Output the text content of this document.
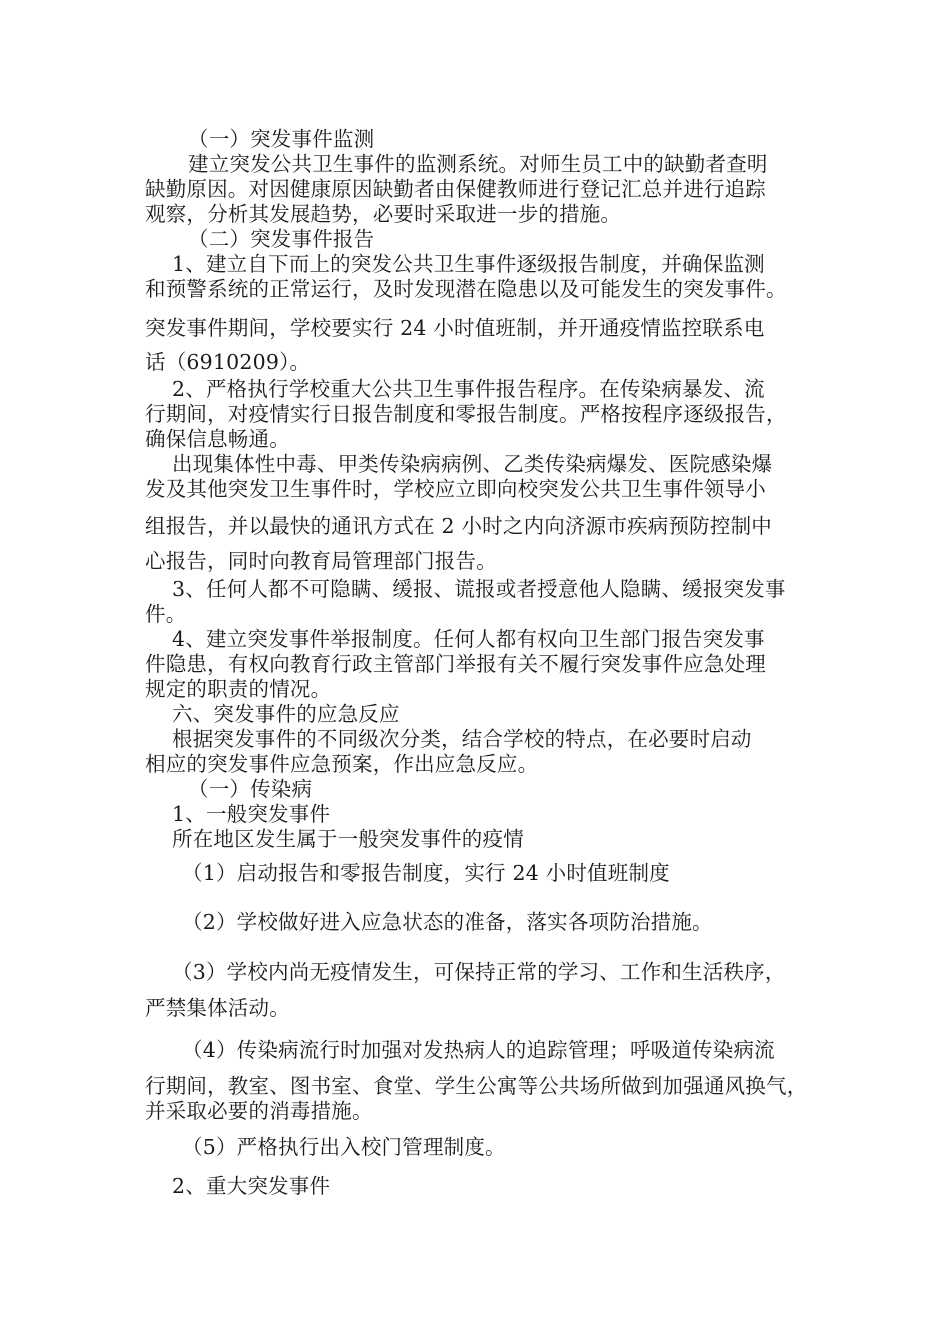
（一）突发事件监测
建立突发公共卫生事件的监测系统。对师生员工中的缺勤者查明
缺勤原因。对因健康原因缺勤者由保健教师进行登记汇总并进行追踪
观察，分析其发展趋势，必要时采取进一步的措施。
（二）突发事件报告
1、建立自下而上的突发公共卫生事件逐级报告制度，并确保监测
和预警系统的正常运行，及时发现潜在隐患以及可能发生的突发事件。
突发事件期间，学校要实行 24 小时值班制，并开通疫情监控联系电
话（6910209）。
2、严格执行学校重大公共卫生事件报告程序。在传染病暴发、流
行期间，对疫情实行日报告制度和零报告制度。严格按程序逐级报告，
确保信息畅通。
出现集体性中毒、甲类传染病病例、乙类传染病爆发、医院感染爆
发及其他突发卫生事件时，学校应立即向校突发公共卫生事件领导小
组报告，并以最快的通讯方式在 2 小时之内向济源市疾病预防控制中
心报告，同时向教育局管理部门报告。
3、任何人都不可隐瞒、缓报、谎报或者授意他人隐瞒、缓报突发事
件。
4、建立突发事件举报制度。任何人都有权向卫生部门报告突发事
件隐患，有权向教育行政主管部门举报有关不履行突发事件应急处理
规定的职责的情况。
六、突发事件的应急反应
根据突发事件的不同级次分类，结合学校的特点，在必要时启动
相应的突发事件应急预案，作出应急反应。
（一）传染病
1、一般突发事件
所在地区发生属于一般突发事件的疫情
（1）启动报告和零报告制度，实行 24 小时值班制度
（2）学校做好进入应急状态的准备，落实各项防治措施。
（3）学校内尚无疫情发生，可保持正常的学习、工作和生活秩序，
严禁集体活动。
（4）传染病流行时加强对发热病人的追踪管理；呼吸道传染病流
行期间，教室、图书室、食堂、学生公寓等公共场所做到加强通风换气，
并采取必要的消毒措施。
（5）严格执行出入校门管理制度。
2、重大突发事件
